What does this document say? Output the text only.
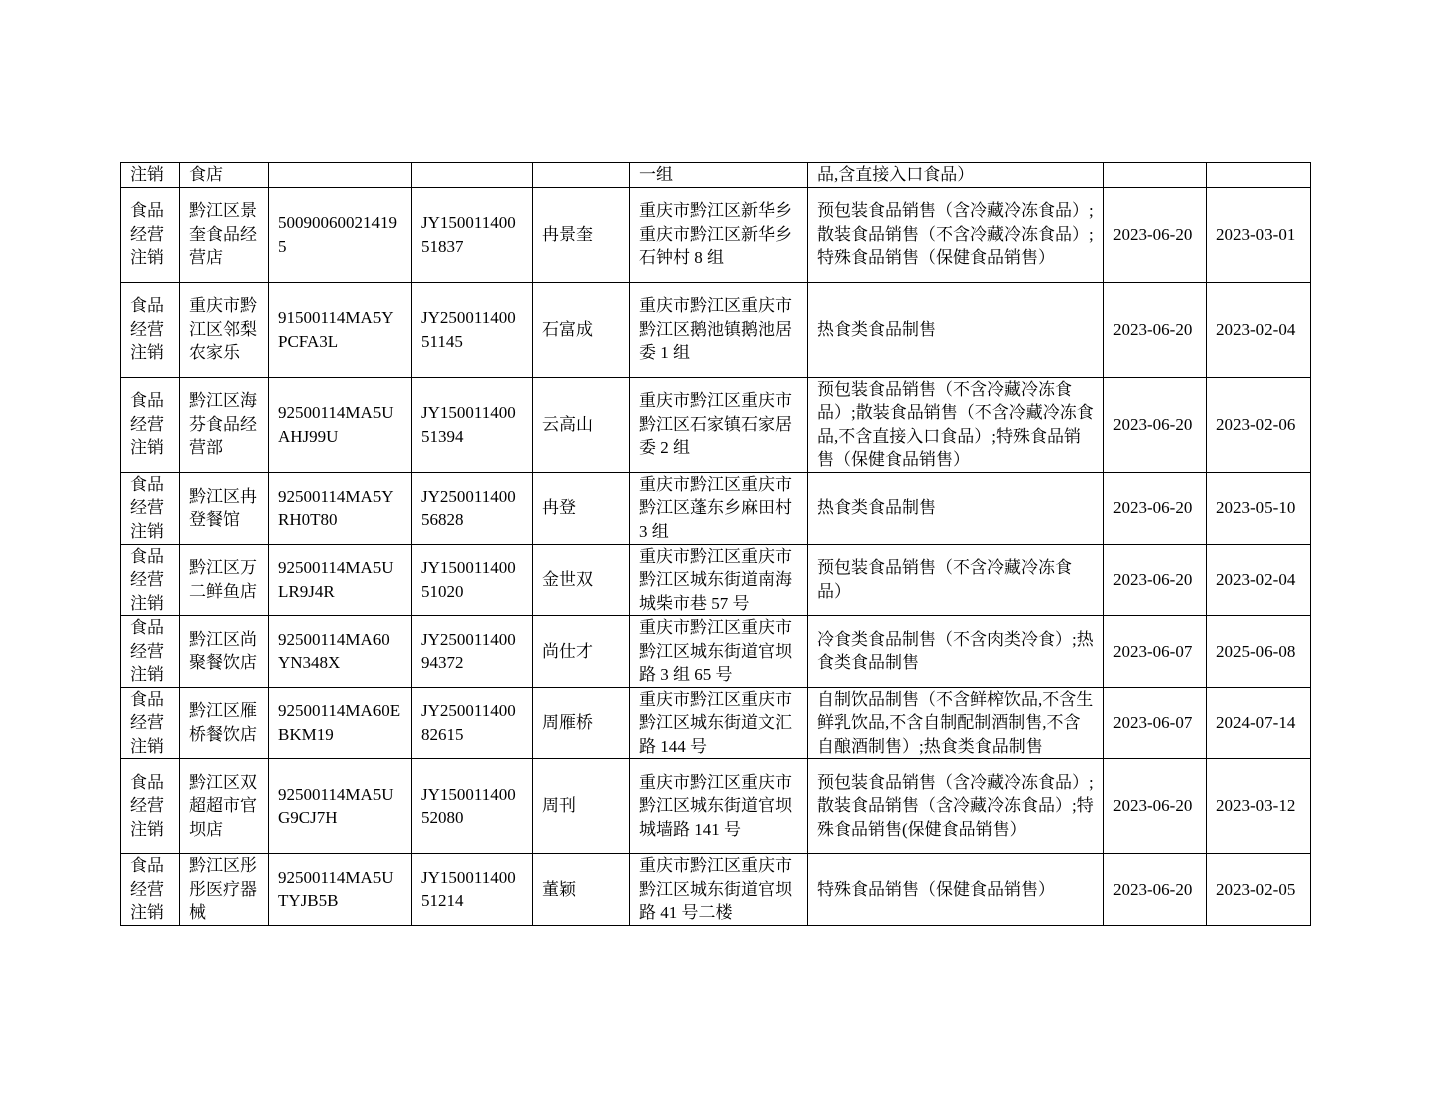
注销	食店				一组	品,含直接入口食品）		
食品经营注销	黔江区景奎食品经营店	500900600214195	JY15001140051837	冉景奎	重庆市黔江区新华乡重庆市黔江区新华乡石钟村 8 组	预包装食品销售（含冷藏冷冻食品）;散装食品销售（不含冷藏冷冻食品）;特殊食品销售（保健食品销售）	2023-06-20	2023-03-01
食品经营注销	重庆市黔江区邻梨农家乐	91500114MA5YPCFA3L	JY25001140051145	石富成	重庆市黔江区重庆市黔江区鹅池镇鹅池居委 1 组	热食类食品制售	2023-06-20	2023-02-04
食品经营注销	黔江区海芬食品经营部	92500114MA5UAHJ99U	JY15001140051394	云高山	重庆市黔江区重庆市黔江区石家镇石家居委 2 组	预包装食品销售（不含冷藏冷冻食品）;散装食品销售（不含冷藏冷冻食品,不含直接入口食品）;特殊食品销售（保健食品销售）	2023-06-20	2023-02-06
食品经营注销	黔江区冉登餐馆	92500114MA5YRH0T80	JY25001140056828	冉登	重庆市黔江区重庆市黔江区蓬东乡麻田村 3 组	热食类食品制售	2023-06-20	2023-05-10
食品经营注销	黔江区万二鲜鱼店	92500114MA5ULR9J4R	JY15001140051020	金世双	重庆市黔江区重庆市黔江区城东街道南海城柴市巷 57 号	预包装食品销售（不含冷藏冷冻食品）	2023-06-20	2023-02-04
食品经营注销	黔江区尚聚餐饮店	92500114MA60YN348X	JY25001140094372	尚仕才	重庆市黔江区重庆市黔江区城东街道官坝路 3 组 65 号	冷食类食品制售（不含肉类冷食）;热食类食品制售	2023-06-07	2025-06-08
食品经营注销	黔江区雁桥餐饮店	92500114MA60EBKM19	JY25001140082615	周雁桥	重庆市黔江区重庆市黔江区城东街道文汇路 144 号	自制饮品制售（不含鲜榨饮品,不含生鲜乳饮品,不含自制配制酒制售,不含自酿酒制售）;热食类食品制售	2023-06-07	2024-07-14
食品经营注销	黔江区双超超市官坝店	92500114MA5UG9CJ7H	JY15001140052080	周刊	重庆市黔江区重庆市黔江区城东街道官坝城墙路 141 号	预包装食品销售（含冷藏冷冻食品）;散装食品销售（含冷藏冷冻食品）;特殊食品销售(保健食品销售）	2023-06-20	2023-03-12
食品经营注销	黔江区彤彤医疗器械	92500114MA5UTYJB5B	JY15001140051214	董颖	重庆市黔江区重庆市黔江区城东街道官坝路 41 号二楼	特殊食品销售（保健食品销售）	2023-06-20	2023-02-05
